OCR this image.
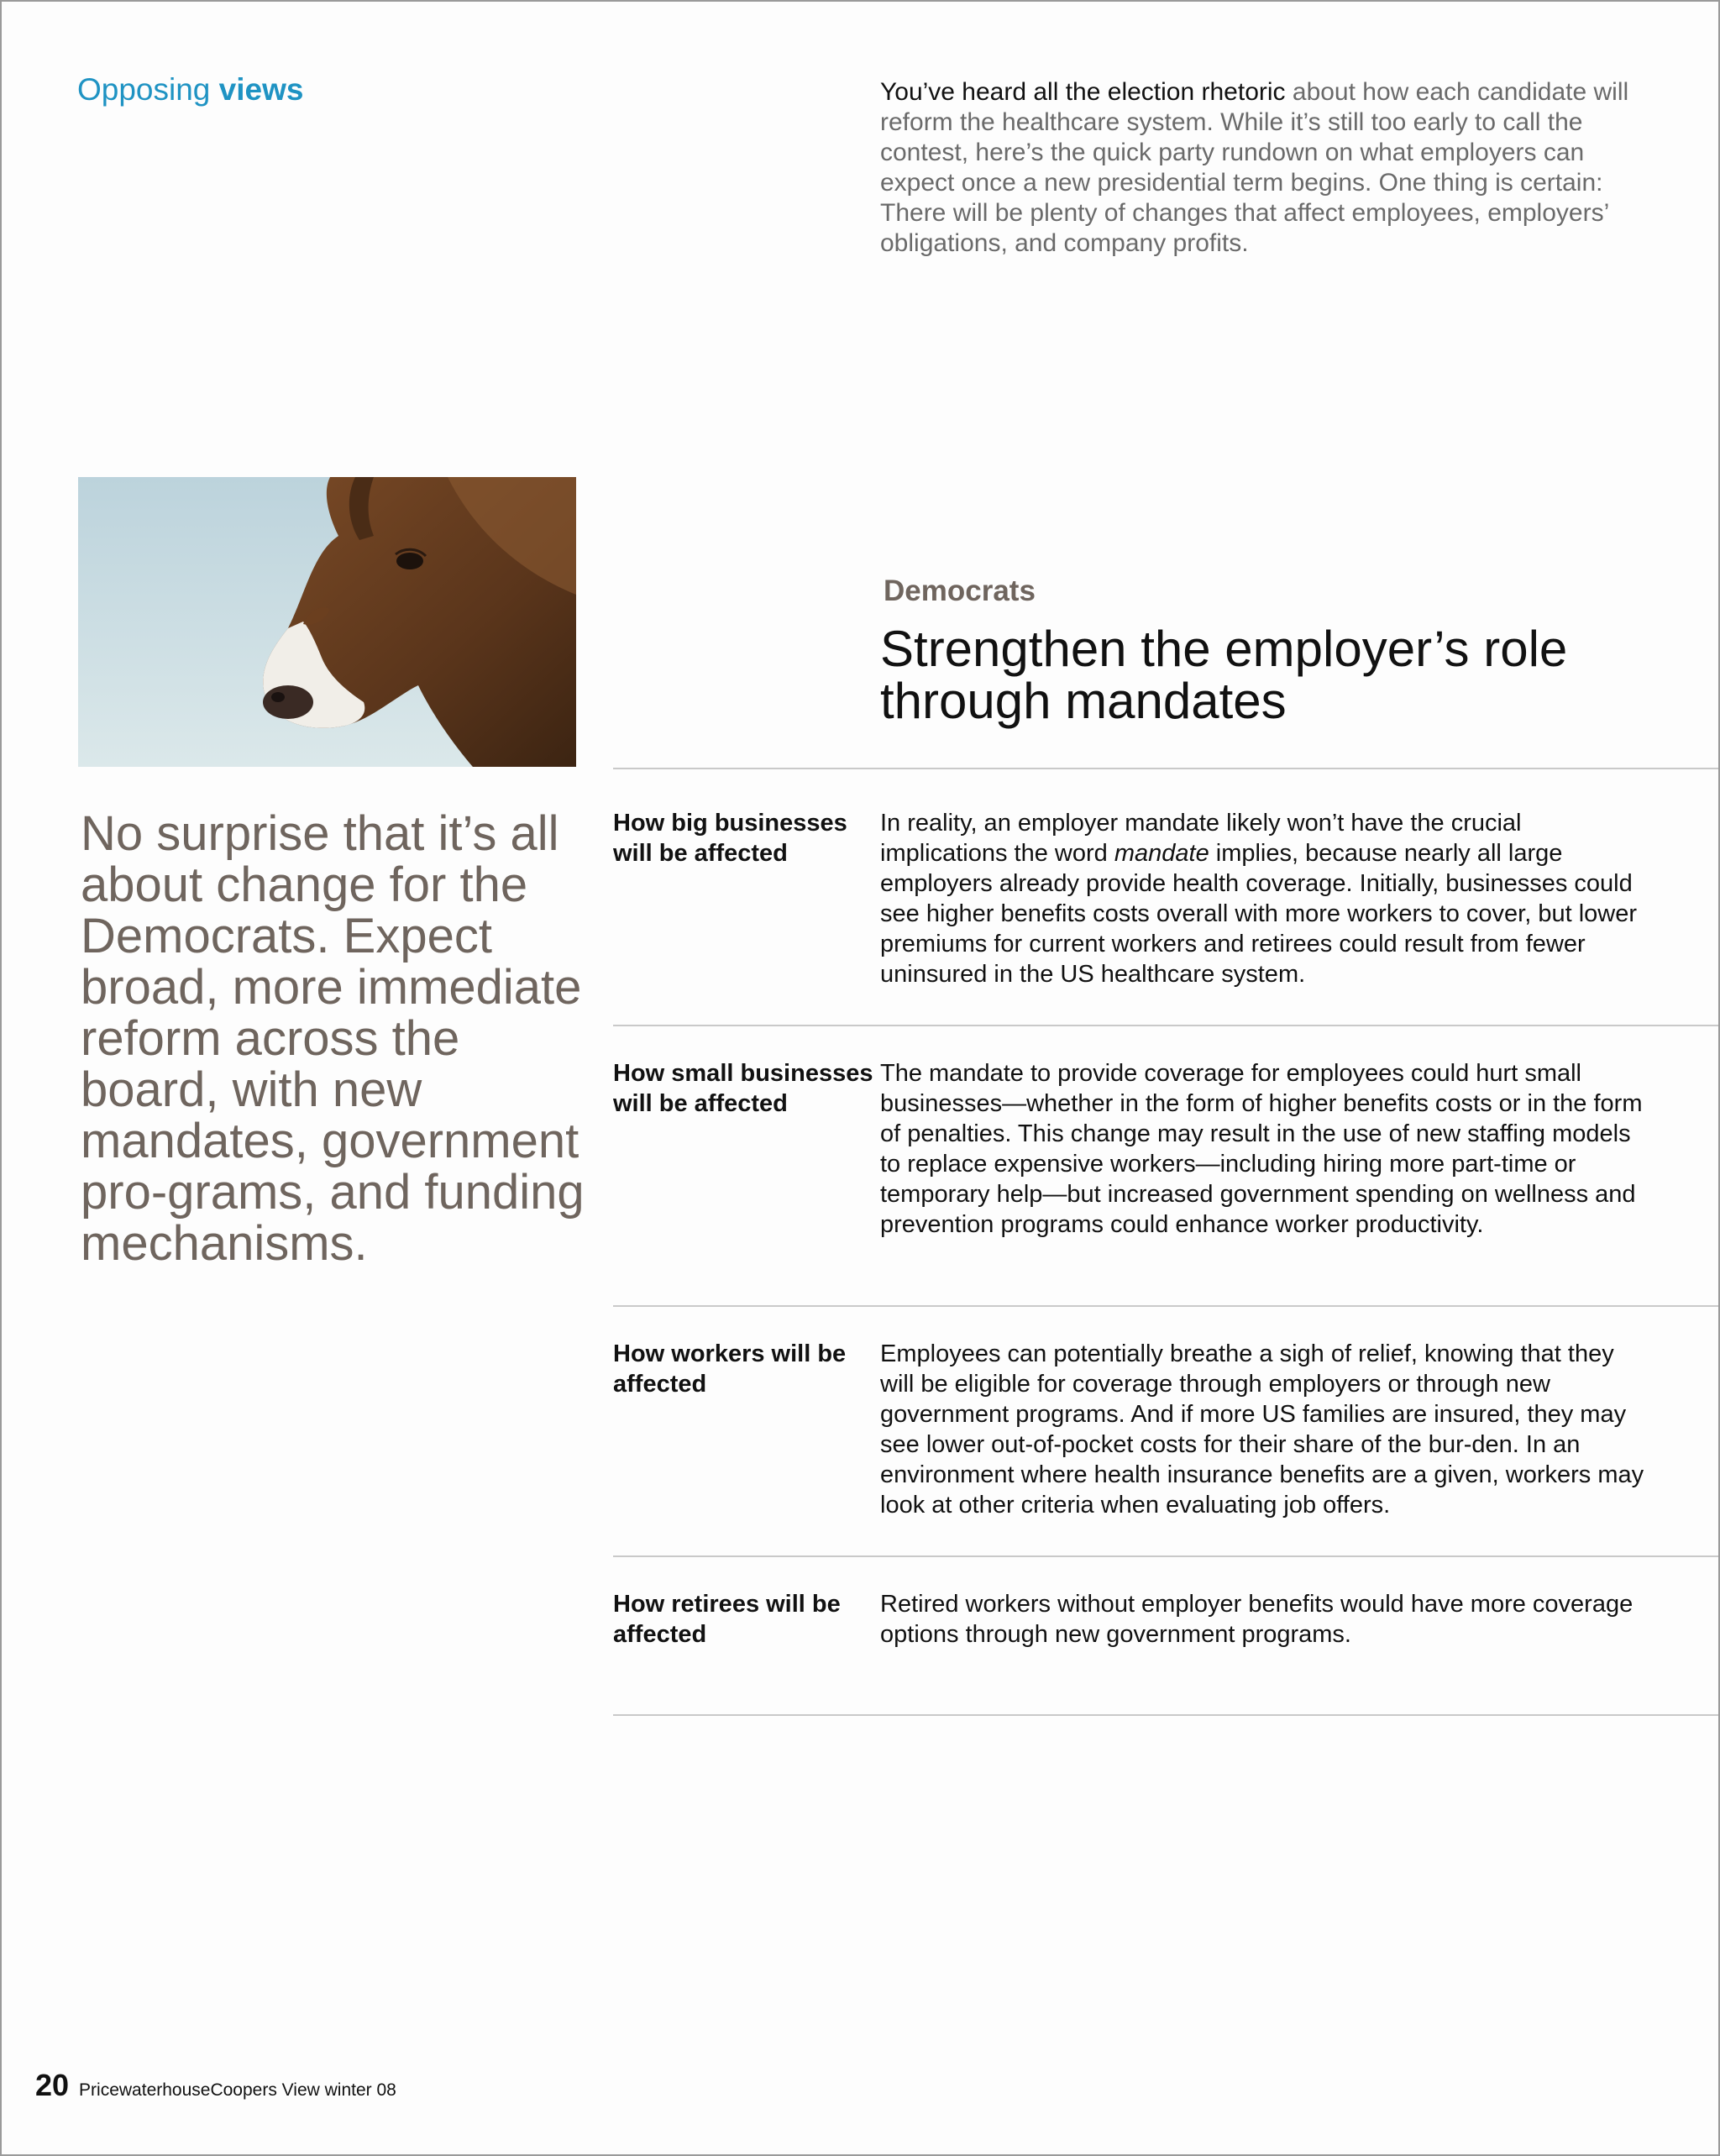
Opposing views	You’ve heard all the election rhetoric about how each candidate will reform the healthcare system. While it’s still too early to call the contest, here’s the quick party rundown on what employers can expect once a new presidential term begins. One thing is certain: There will be plenty of changes that affect employees, employers’ obligations, and company profits.
No surprise that it’s all about change for the Democrats. Expect broad, more immediate reform across the board, with new mandates, government pro-grams, and funding mechanisms.
Democrats
Strengthen the employer’s role through mandates
How big businesses will be affected
In reality, an employer mandate likely won’t have the crucial implications the word mandate implies, because nearly all large employers already provide health coverage. Initially, businesses could see higher benefits costs overall with more workers to cover, but lower premiums for current workers and retirees could result from fewer uninsured in the US healthcare system.
How small businesses will be affected
The mandate to provide coverage for employees could hurt small businesses—whether in the form of higher benefits costs or in the form of penalties. This change may result in the use of new staffing models to replace expensive workers—including hiring more part-time or temporary help—but increased government spending on wellness and prevention programs could enhance worker productivity.
How workers will be affected
Employees can potentially breathe a sigh of relief, knowing that they will be eligible for coverage through employers or through new government programs. And if more US families are insured, they may see lower out-of-pocket costs for their share of the bur-den. In an environment where health insurance benefits are a given, workers may look at other criteria when evaluating job offers.
How retirees will be affected
Retired workers without employer benefits would have more coverage options through new government programs.
20 PricewaterhouseCoopers View winter 08
